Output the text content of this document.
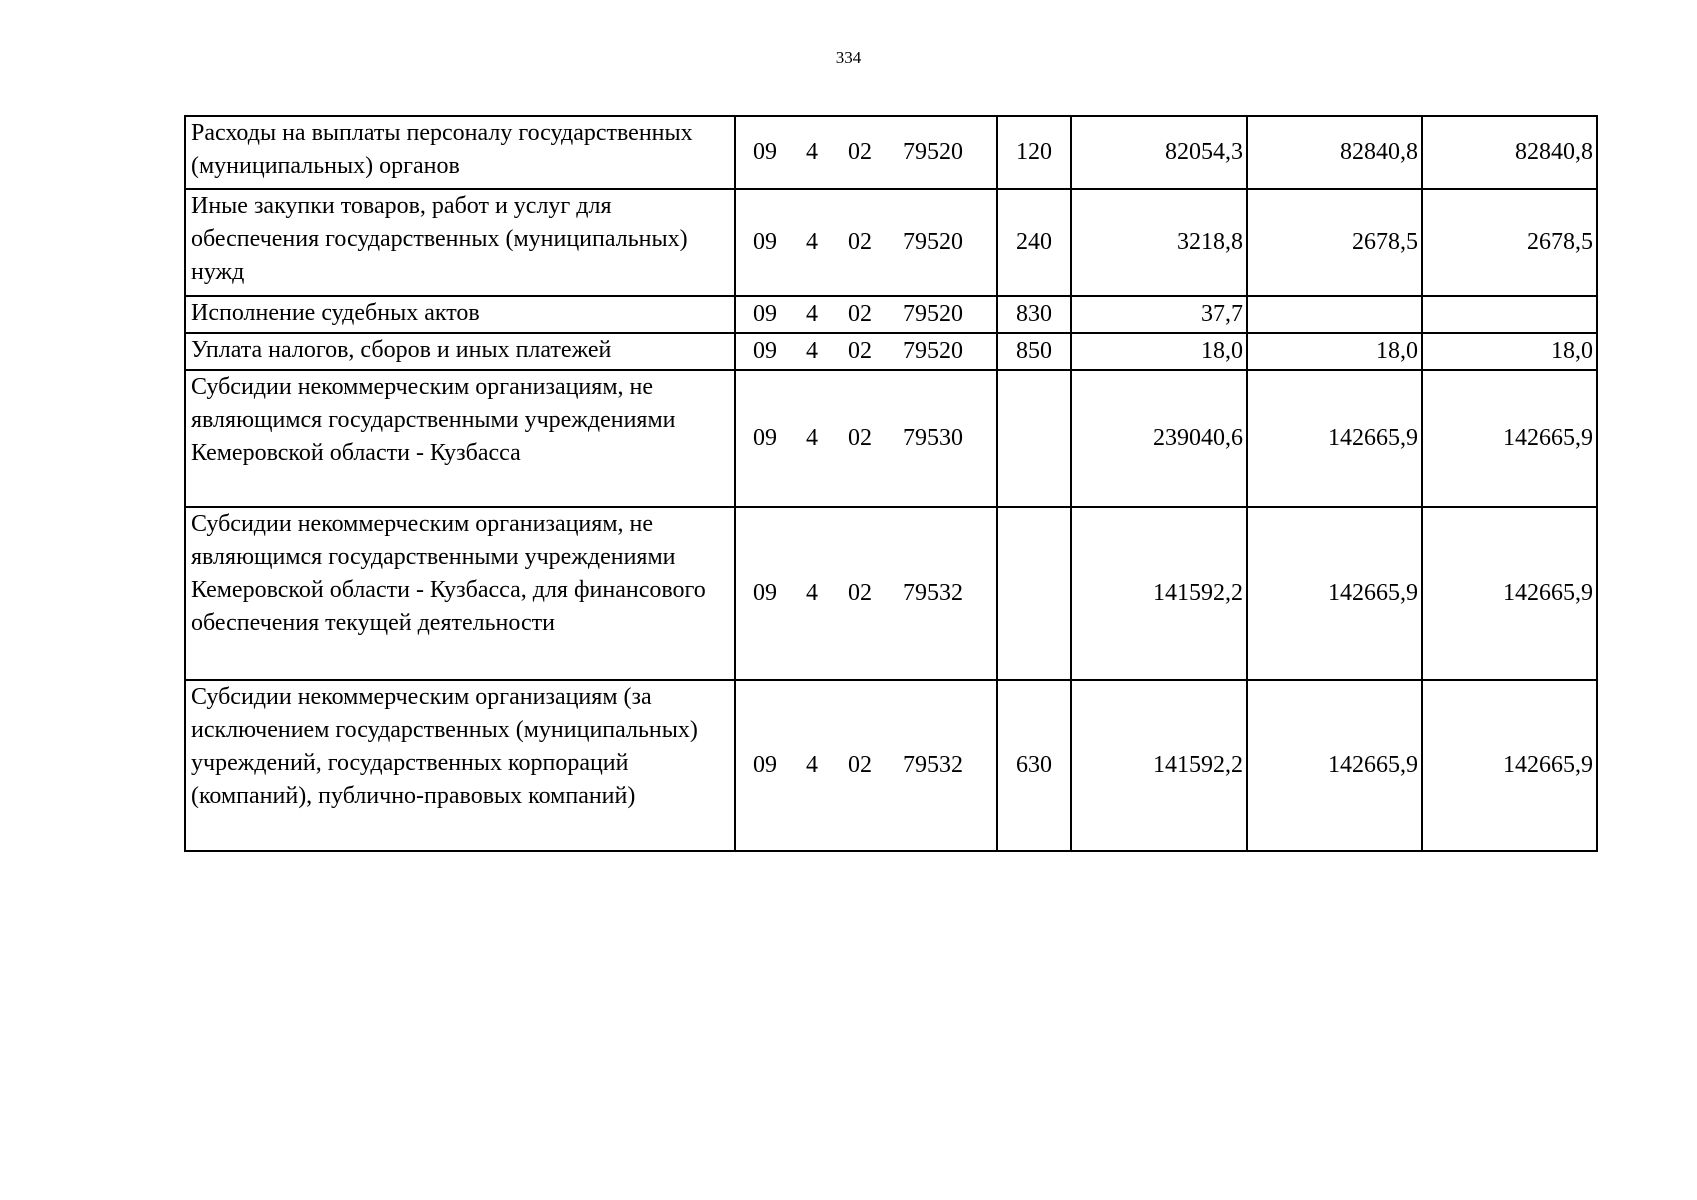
334
Расходы на выплаты персоналу государственных (муниципальных) органов	09 4 02 79520	120	82054,3	82840,8	82840,8
Иные закупки товаров, работ и услуг для обеспечения государственных (муниципальных) нужд	09 4 02 79520	240	3218,8	2678,5	2678,5
Исполнение судебных актов	09 4 02 79520	830	37,7		
Уплата налогов, сборов и иных платежей	09 4 02 79520	850	18,0	18,0	18,0
Субсидии некоммерческим организациям, не являющимся государственными учреждениями Кемеровской области - Кузбасса	09 4 02 79530		239040,6	142665,9	142665,9
Субсидии некоммерческим организациям, не являющимся государственными учреждениями Кемеровской области - Кузбасса, для финансового обеспечения текущей деятельности	09 4 02 79532		141592,2	142665,9	142665,9
Субсидии некоммерческим организациям (за исключением государственных (муниципальных) учреждений, государственных корпораций (компаний), публично-правовых компаний)	09 4 02 79532	630	141592,2	142665,9	142665,9
